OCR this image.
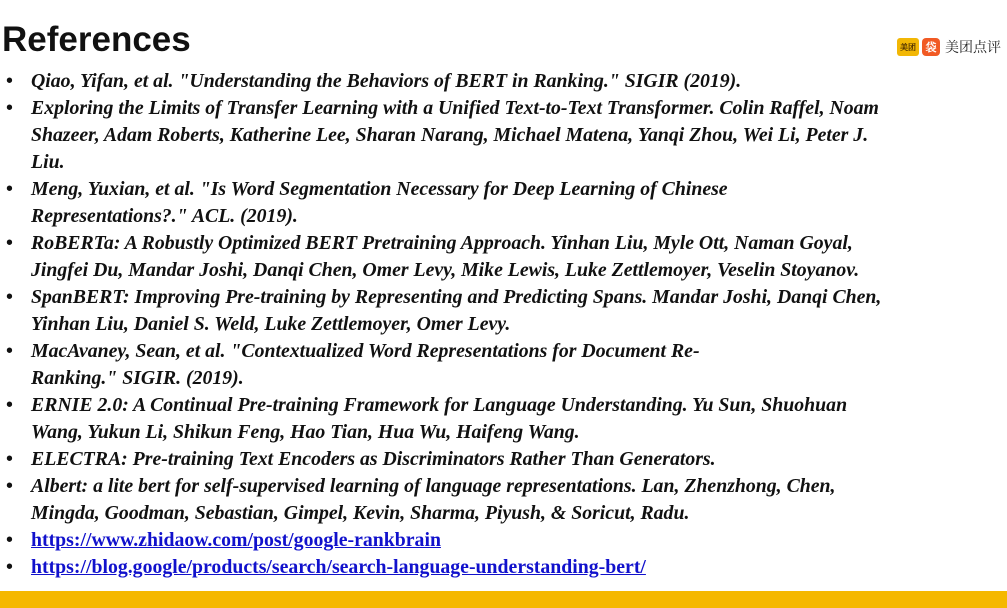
References	美团 袋 美团点评
• Qiao, Yifan, et al. "Understanding the Behaviors of BERT in Ranking." SIGIR (2019).
• Exploring the Limits of Transfer Learning with a Unified Text-to-Text Transformer. Colin Raffel, Noam
Shazeer, Adam Roberts, Katherine Lee, Sharan Narang, Michael Matena, Yanqi Zhou, Wei Li, Peter J.
Liu.
• Meng, Yuxian, et al. "Is Word Segmentation Necessary for Deep Learning of Chinese
Representations?." ACL. (2019).
• RoBERTa: A Robustly Optimized BERT Pretraining Approach. Yinhan Liu, Myle Ott, Naman Goyal,
Jingfei Du, Mandar Joshi, Danqi Chen, Omer Levy, Mike Lewis, Luke Zettlemoyer, Veselin Stoyanov.
• SpanBERT: Improving Pre-training by Representing and Predicting Spans. Mandar Joshi, Danqi Chen,
Yinhan Liu, Daniel S. Weld, Luke Zettlemoyer, Omer Levy.
• MacAvaney, Sean, et al. "Contextualized Word Representations for Document Re-
Ranking." SIGIR. (2019).
• ERNIE 2.0: A Continual Pre-training Framework for Language Understanding. Yu Sun, Shuohuan
Wang, Yukun Li, Shikun Feng, Hao Tian, Hua Wu, Haifeng Wang.
• ELECTRA: Pre-training Text Encoders as Discriminators Rather Than Generators.
• Albert: a lite bert for self-supervised learning of language representations. Lan, Zhenzhong, Chen,
Mingda, Goodman, Sebastian, Gimpel, Kevin, Sharma, Piyush, & Soricut, Radu.
• https://www.zhidaow.com/post/google-rankbrain
• https://blog.google/products/search/search-language-understanding-bert/
